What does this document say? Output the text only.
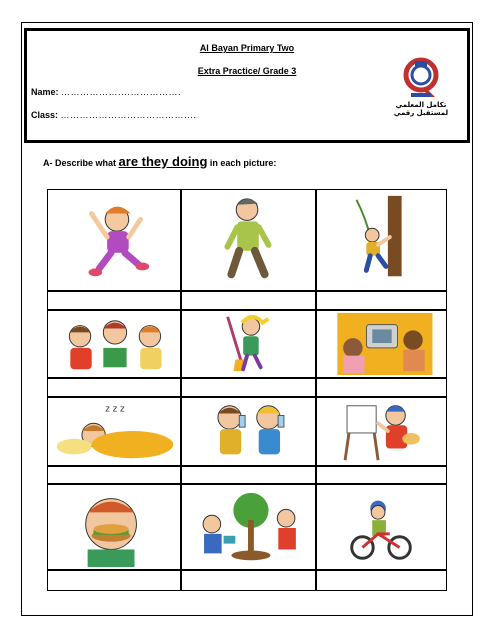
Al Bayan Primary Two
Extra Practice/ Grade 3
Name: ……………….……………….
Class: …………………………………….
تكامل المعلمي لمستقبل رقمي
A- Describe what are they doing in each picture:
z z z
